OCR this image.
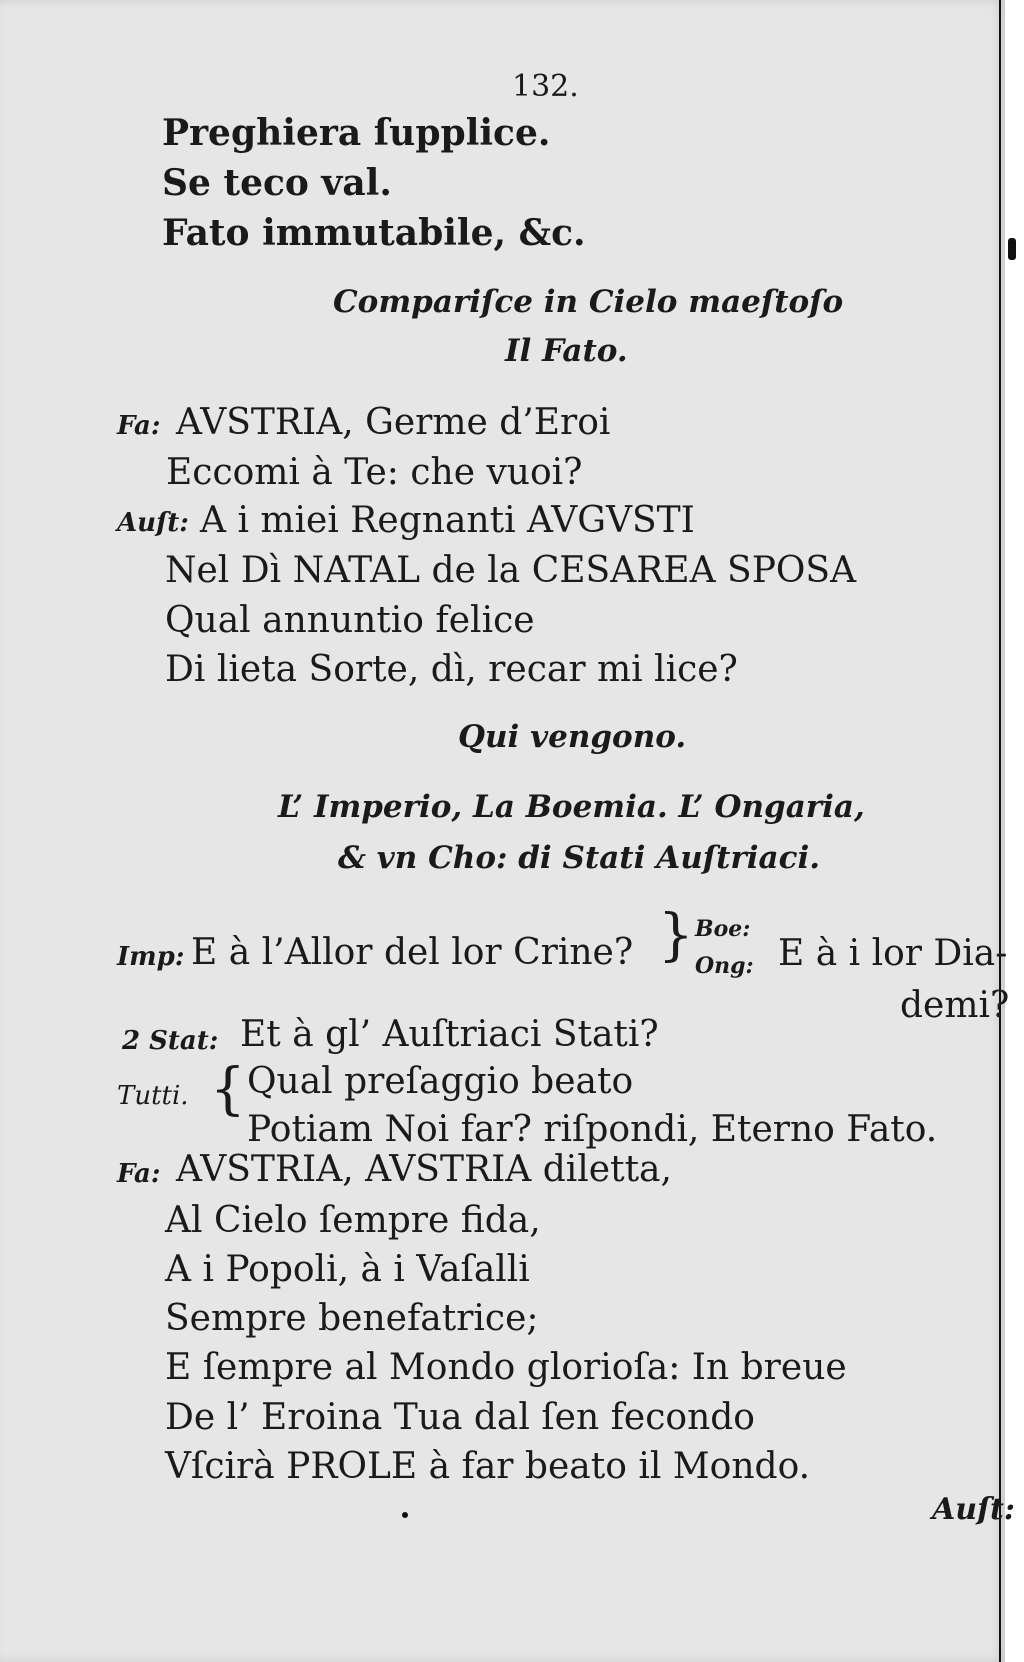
132.
Preghiera ſupplice.
Se teco val.
Fato immutabile, &c.
Compariſce in Cielo maeſtoſo
Il Fato.
Fa: AVSTRIA, Germe d’Eroi
Eccomi à Te: che vuoi?
Auſt: A i miei Regnanti AVGVSTI
Nel Dì NATAL de la CESAREA SPOSA
Qual annuntio felice
Di lieta Sorte, dì, recar mi lice?
Qui vengono.
L’ Imperio, La Boemia. L’ Ongaria,
& vn Cho: di Stati Auſtriaci.
Imp: E à l’Allor del lor Crine? } Boe:
Ong: E à i lor Dia-
demi?
2 Stat: Et à gl’ Auſtriaci Stati?
Tutti. { Qual preſaggio beato
Potiam Noi far? riſpondi, Eterno Fato.
Fa: AVSTRIA, AVSTRIA diletta,
Al Cielo ſempre fida,
A i Popoli, à i Vaſalli
Sempre benefatrice;
E ſempre al Mondo glorioſa: In breue
De l’ Eroina Tua dal ſen fecondo
Vſcirà PROLE à far beato il Mondo.
Auſt:
